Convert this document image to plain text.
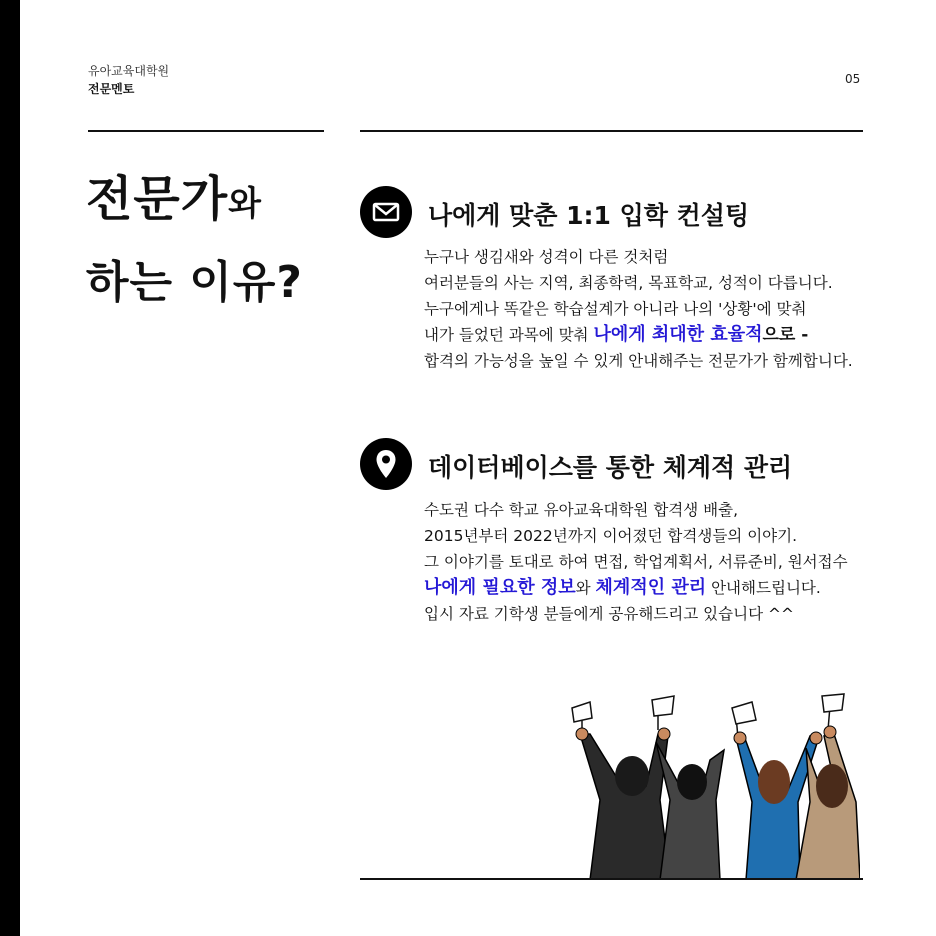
유아교육대학원
전문멘토
05
전문가와
하는 이유?
나에게 맞춘 1:1 입학 컨설팅
누구나 생김새와 성격이 다른 것처럼
여러분들의 사는 지역, 최종학력, 목표학교, 성적이 다릅니다.
누구에게나 똑같은 학습설계가 아니라 나의 '상황'에 맞춰
내가 들었던 과목에 맞춰 나에게 최대한 효율적으로 -
합격의 가능성을 높일 수 있게 안내해주는 전문가가 함께합니다.
데이터베이스를 통한 체계적 관리
수도권 다수 학교 유아교육대학원 합격생 배출,
2015년부터 2022년까지 이어졌던 합격생들의 이야기.
그 이야기를 토대로 하여 면접, 학업계획서, 서류준비, 원서접수
나에게 필요한 정보와 체계적인 관리 안내해드립니다.
입시 자료 기학생 분들에게 공유해드리고 있습니다 ^^
